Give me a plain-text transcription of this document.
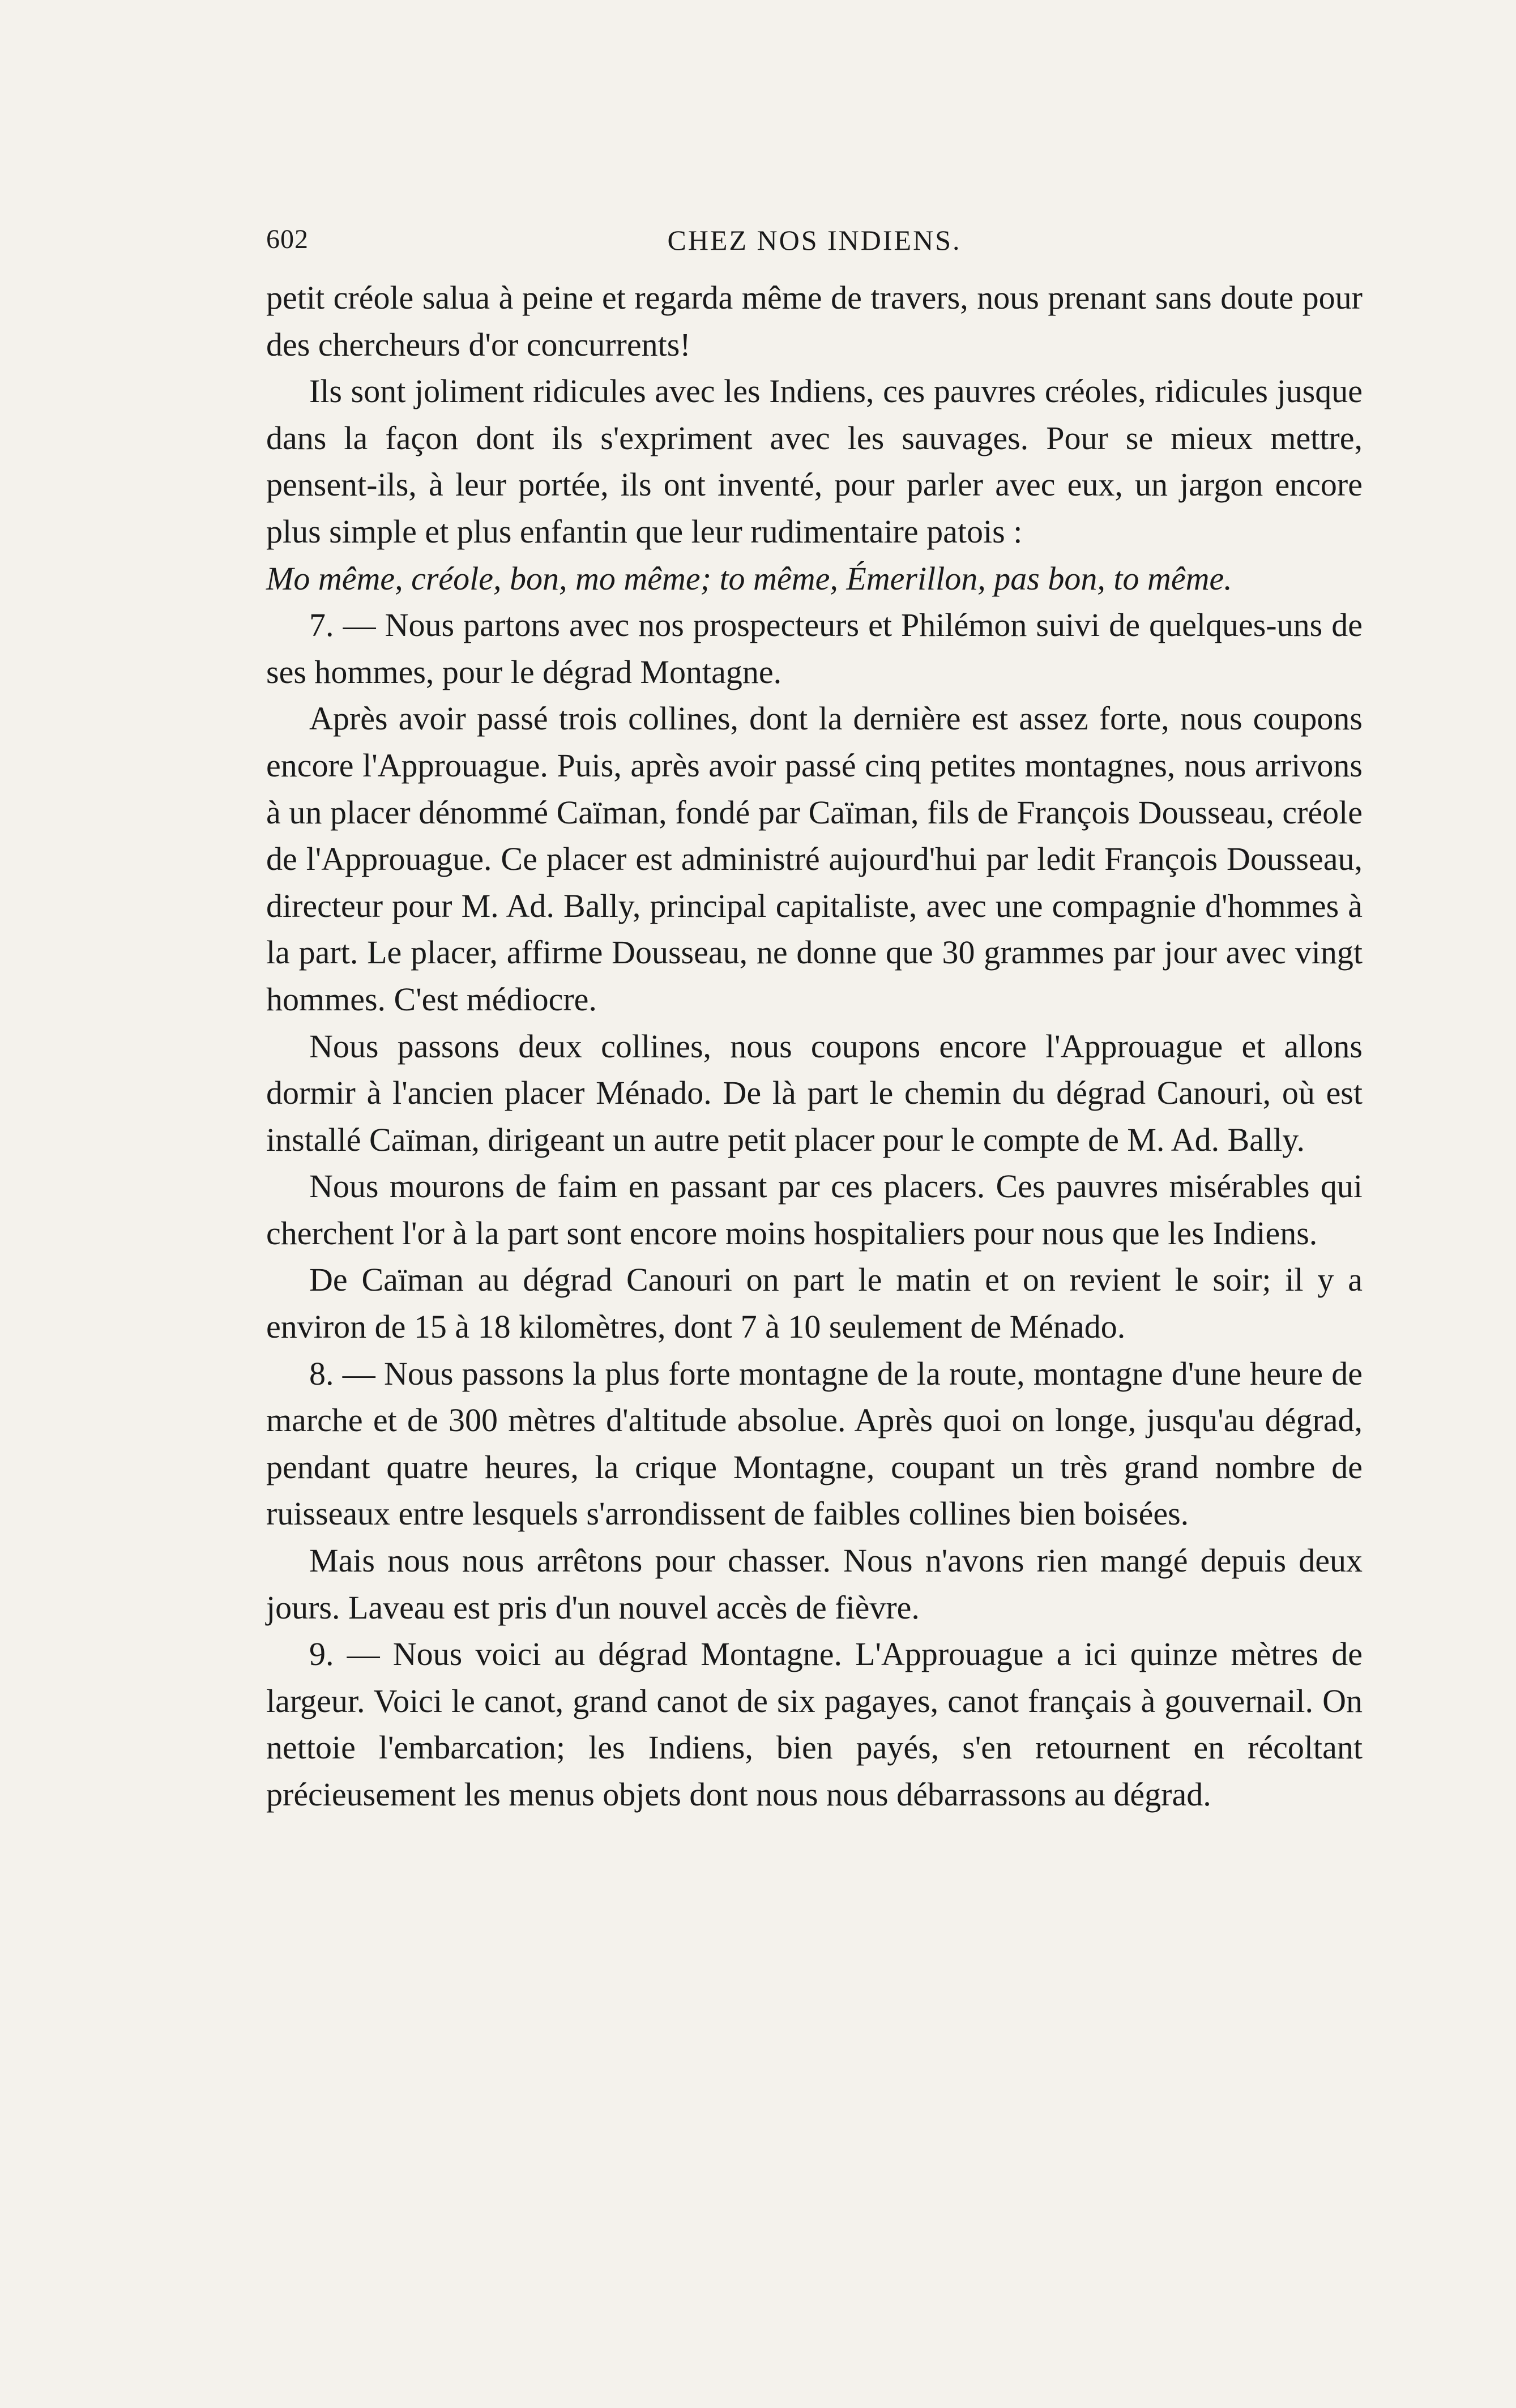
602	CHEZ NOS INDIENS.

petit créole salua à peine et regarda même de travers, nous prenant sans doute pour des chercheurs d'or concurrents!

Ils sont joliment ridicules avec les Indiens, ces pauvres créoles, ridicules jusque dans la façon dont ils s'expriment avec les sauvages. Pour se mieux mettre, pensent-ils, à leur portée, ils ont inventé, pour parler avec eux, un jargon encore plus simple et plus enfantin que leur rudimentaire patois :

Mo même, créole, bon, mo même; to même, Émerillon, pas bon, to même.

7. — Nous partons avec nos prospecteurs et Philémon suivi de quelques-uns de ses hommes, pour le dégrad Montagne.

Après avoir passé trois collines, dont la dernière est assez forte, nous coupons encore l'Approuague. Puis, après avoir passé cinq petites montagnes, nous arrivons à un placer dénommé Caïman, fondé par Caïman, fils de François Dousseau, créole de l'Approuague. Ce placer est administré aujourd'hui par ledit François Dousseau, directeur pour M. Ad. Bally, principal capitaliste, avec une compagnie d'hommes à la part. Le placer, affirme Dousseau, ne donne que 30 grammes par jour avec vingt hommes. C'est médiocre.

Nous passons deux collines, nous coupons encore l'Approuague et allons dormir à l'ancien placer Ménado. De là part le chemin du dégrad Canouri, où est installé Caïman, dirigeant un autre petit placer pour le compte de M. Ad. Bally.

Nous mourons de faim en passant par ces placers. Ces pauvres misérables qui cherchent l'or à la part sont encore moins hospitaliers pour nous que les Indiens.

De Caïman au dégrad Canouri on part le matin et on revient le soir; il y a environ de 15 à 18 kilomètres, dont 7 à 10 seulement de Ménado.

8. — Nous passons la plus forte montagne de la route, montagne d'une heure de marche et de 300 mètres d'altitude absolue. Après quoi on longe, jusqu'au dégrad, pendant quatre heures, la crique Montagne, coupant un très grand nombre de ruisseaux entre lesquels s'arrondissent de faibles collines bien boisées.

Mais nous nous arrêtons pour chasser. Nous n'avons rien mangé depuis deux jours. Laveau est pris d'un nouvel accès de fièvre.

9. — Nous voici au dégrad Montagne. L'Approuague a ici quinze mètres de largeur. Voici le canot, grand canot de six pagayes, canot français à gouvernail. On nettoie l'embarcation; les Indiens, bien payés, s'en retournent en récoltant précieusement les menus objets dont nous nous débarrassons au dégrad.
